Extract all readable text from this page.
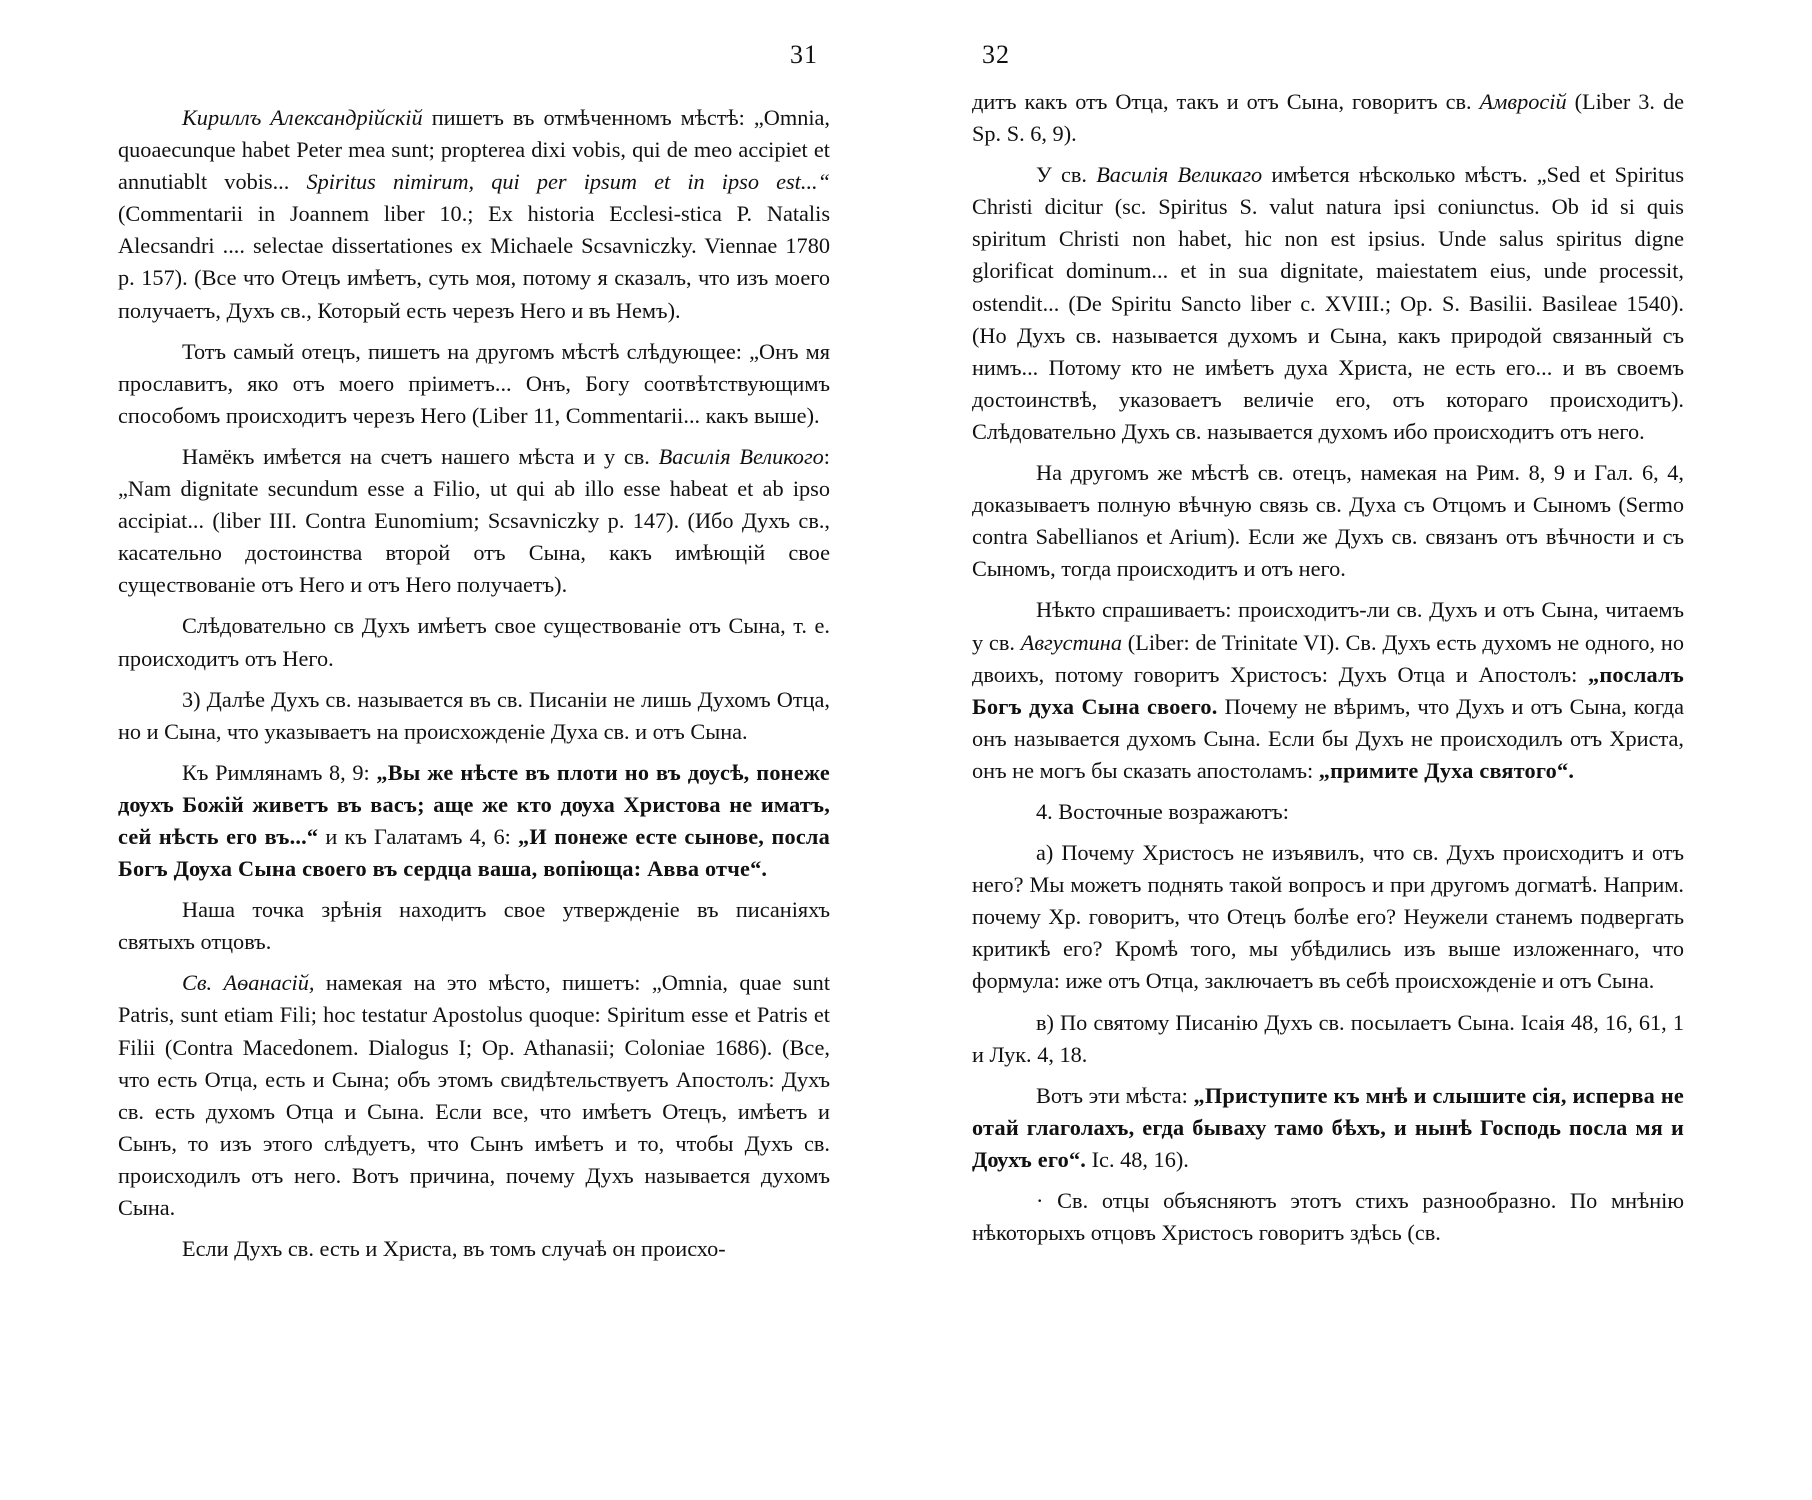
31

Кириллъ Александрійскій пишетъ въ отмѣченномъ мѣстѣ: „Omnia, quoaecunque habet Peter mea sunt; propterea dixi vobis, qui de meo accipiet et annutiablt vobis... Spiritus nimirum, qui per ipsum et in ipso est...“ (Commentarii in Joannem liber 10.; Ex historia Ecclesi-stica P. Natalis Alecsandri .... selectae dissertationes ex Michaele Scsavniczky. Viennae 1780 p. 157). (Все что Отецъ имѣетъ, суть моя, потому я сказалъ, что изъ моего получаетъ, Духъ св., Который есть черезъ Него и въ Немъ).

Тотъ самый отецъ, пишетъ на другомъ мѣстѣ слѣдующее: „Онъ мя прославитъ, яко отъ моего пріиметъ... Онъ, Богу соотвѣтствующимъ способомъ происходитъ черезъ Него (Liber 11, Commentarii... какъ выше).

Намёкъ имѣется на счетъ нашего мѣста и у св. Василія Великого: „Nam dignitate secundum esse a Filio, ut qui ab illo esse habeat et ab ipso accipiat... (liber III. Contra Eunomium; Scsavniczky p. 147). (Ибо Духъ св., касательно достоинства второй отъ Сына, какъ имѣющій свое существованіе отъ Него и отъ Него получаетъ).

Слѣдовательно св Духъ имѣетъ свое существованіе отъ Сына, т. е. происходитъ отъ Него.

3) Далѣе Духъ св. называется въ св. Писаніи не лишь Духомъ Отца, но и Сына, что указываетъ на происхожденіе Духа св. и отъ Сына.

Къ Римлянамъ 8, 9: „Вы же нѣсте въ плоти но въ дѹсѣ, понеже дѹхъ Божій живетъ въ васъ; аще же кто дѹха Христова не иматъ, сей нѣсть его въ...“ и къ Галатамъ 4, 6: „И понеже есте сынове, посла Богъ Дѹха Сына своего въ сердца ваша, вопіюща: Авва отче“.

Наша точка зрѣнія находитъ свое утвержденіе въ писаніяхъ святыхъ отцовъ.

Св. Аѳанасій, намекая на это мѣсто, пишетъ: „Omnia, quae sunt Patris, sunt etiam Fili; hoc testatur Apostolus quoque: Spiritum esse et Patris et Filii (Contra Macedonem. Dialogus I; Op. Athanasii; Coloniae 1686). (Все, что есть Отца, есть и Сына; объ этомъ свидѣтельствуетъ Апостолъ: Духъ св. есть духомъ Отца и Сына. Если все, что имѣетъ Отецъ, имѣетъ и Сынъ, то изъ этого слѣдуетъ, что Сынъ имѣетъ и то, чтобы Духъ св. происходилъ отъ него. Вотъ причина, почему Духъ называется духомъ Сына.

Если Духъ св. есть и Христа, въ томъ случаѣ он происхо-

32

дитъ какъ отъ Отца, такъ и отъ Сына, говоритъ св. Амвросій (Liber 3. de Sp. S. 6, 9).

У св. Василія Великаго имѣется нѣсколько мѣстъ. „Sed et Spiritus Christi dicitur (sc. Spiritus S. valut natura ipsi coniunctus. Ob id si quis spiritum Christi non habet, hic non est ipsius. Unde salus spiritus digne glorificat dominum... et in sua dignitate, maiestatem eius, unde processit, ostendit... (De Spiritu Sancto liber c. XVIII.; Op. S. Basilii. Basileae 1540). (Но Духъ св. называется духомъ и Сына, какъ природой связанный съ нимъ... Потому кто не имѣетъ духа Христа, не есть его... и въ своемъ достоинствѣ, указоваетъ величіе его, отъ котораго происходитъ). Слѣдовательно Духъ св. называется духомъ ибо происходитъ отъ него.

На другомъ же мѣстѣ св. отецъ, намекая на Рим. 8, 9 и Гал. 6, 4, доказываетъ полную вѣчную связь св. Духа съ Отцомъ и Сыномъ (Sermo contra Sabellianos et Arium). Если же Духъ св. связанъ отъ вѣчности и съ Сыномъ, тогда происходитъ и отъ него.

Нѣкто спрашиваетъ: происходитъ-ли св. Духъ и отъ Сына, читаемъ у св. Августина (Liber: de Trinitate VI). Св. Духъ есть духомъ не одного, но двоихъ, потому говоритъ Христосъ: Духъ Отца и Апостолъ: „послалъ Богъ духа Сына своего. Почему не вѣримъ, что Духъ и отъ Сына, когда онъ называется духомъ Сына. Если бы Духъ не происходилъ отъ Христа, онъ не могъ бы сказать апостоламъ: „примите Духа святого“.

4. Восточные возражаютъ:

а) Почему Христосъ не изъявилъ, что св. Духъ происходитъ и отъ него? Мы можетъ поднять такой вопросъ и при другомъ догматѣ. Наприм. почему Хр. говоритъ, что Отецъ болѣе его? Неужели станемъ подвергать критикѣ его? Кромѣ того, мы убѣдились изъ выше изложеннаго, что формула: иже отъ Отца, заключаетъ въ себѣ происхожденіе и отъ Сына.

в) По святому Писанію Духъ св. посылаетъ Сына. Ісаія 48, 16, 61, 1 и Лук. 4, 18.

Вотъ эти мѣста: „Приступите къ мнѣ и слышите сія, исперва не отай глаголахъ, егда бываху тамо бѣхъ, и нынѣ Господь посла мя и Дѹхъ его“. Іс. 48, 16).

· Св. отцы объясняютъ этотъ стихъ разнообразно. По мнѣнію нѣкоторыхъ отцовъ Христосъ говоритъ здѣсь (св.
